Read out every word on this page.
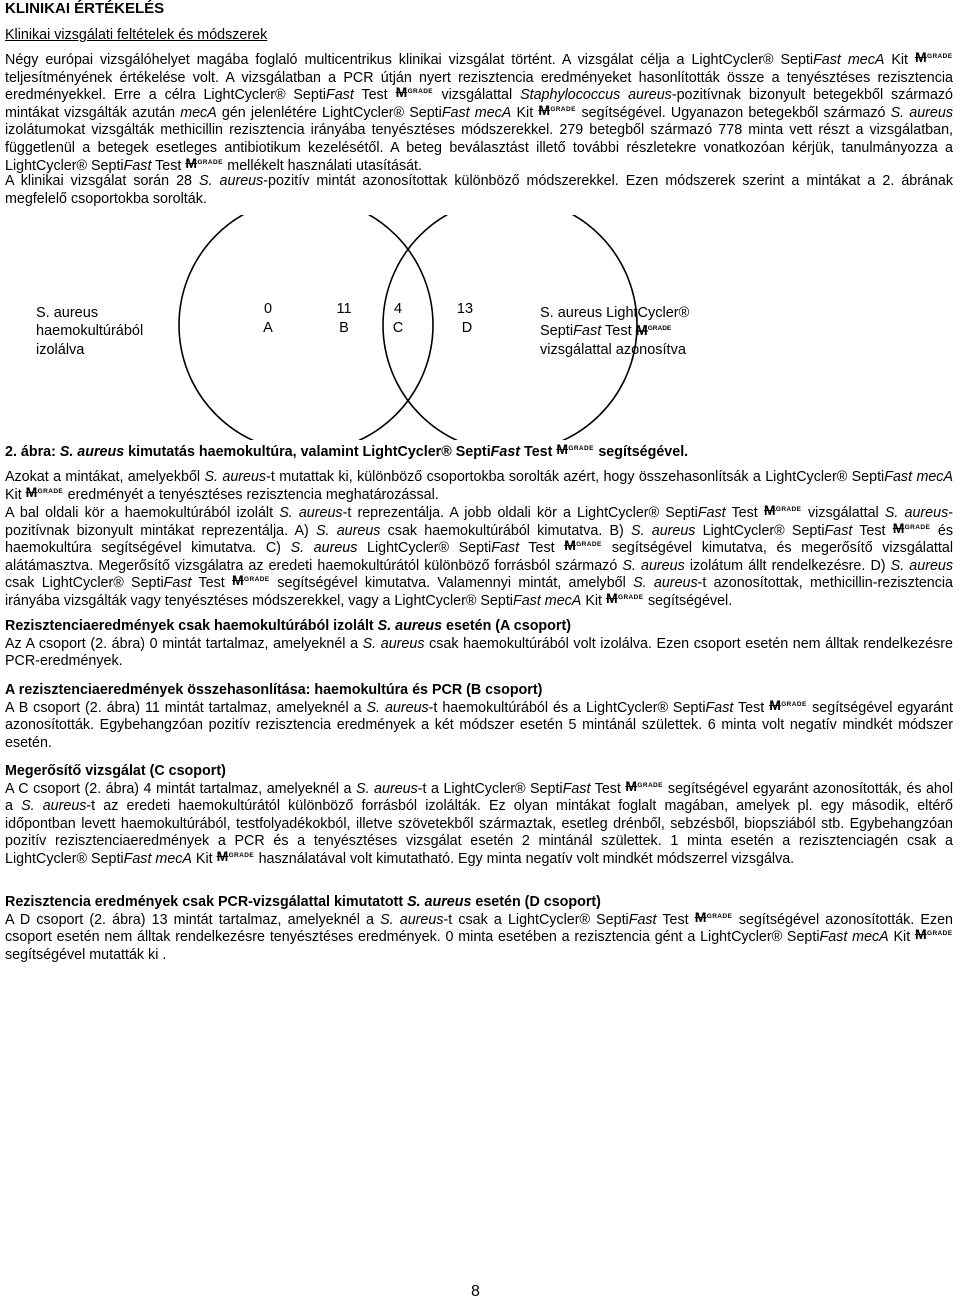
KLINIKAI ÉRTÉKELÉS
Klinikai vizsgálati feltételek és módszerek

Négy európai vizsgálóhelyet magába foglaló multicentrikus klinikai vizsgálat történt. A vizsgálat célja a LightCycler® SeptiFast mecA Kit M GRADE
teljesítményének értékelése volt. A vizsgálatban a PCR útján nyert rezisztencia eredményeket hasonlították össze a tenyésztéses rezisztencia eredményekkel. Erre a célra LightCycler® SeptiFast Test M GRADE vizsgálattal Staphylococcus aureus-pozitívnak bizonyult betegekből származó mintákat vizsgálták azután mecA gén jelenlétére LightCycler® SeptiFast mecA Kit M GRADE segítségével. Ugyanazon betegekből származó S. aureus izolátumokat vizsgálták methicillin rezisztencia irányába tenyésztéses módszerekkel. 279 betegből származó 778 minta vett részt a vizsgálatban, függetlenül a betegek esetleges antibiotikum kezelésétől. A beteg beválasztást illető további részletekre vonatkozóan kérjük, tanulmányozza a LightCycler® SeptiFast Test M GRADE mellékelt használati utasítását.

A klinikai vizsgálat során 28 S. aureus-pozitív mintát azonosítottak különböző módszerekkel. Ezen módszerek szerint a mintákat a 2. ábrának megfelelő csoportokba sorolták.

S. aureus
haemokultúrából
izolálva
0
A
11
B
4
C
13
D
S. aureus LightCycler®
SeptiFast Test $M^{GRADE}$
vizsgálattal azonosítva

2. ábra: S. aureus kimutatás haemokultúra, valamint LightCycler® SeptiFast Test M GRADE segítségével.

Azokat a mintákat, amelyekből S. aureus-t mutattak ki, különböző csoportokba sorolták azért, hogy összehasonlítsák a LightCycler® SeptiFast mecA Kit M GRADE eredményét a tenyésztéses rezisztencia meghatározással.

A bal oldali kör a haemokultúrából izolált S. aureus-t reprezentálja. A jobb oldali kör a LightCycler® SeptiFast Test M GRADE vizsgálattal S. aureus-pozitívnak bizonyult mintákat reprezentálja. A) S. aureus csak haemokultúrából kimutatva. B) S. aureus LightCycler® SeptiFast Test M GRADE és haemokultúra segítségével kimutatva. C) S. aureus LightCycler® SeptiFast Test M GRADE segítségével kimutatva, és megerősítő vizsgálattal alátámasztva. Megerősítő vizsgálatra az eredeti haemokultúrától különböző forrásból származó S. aureus izolátum állt rendelkezésre. D) S. aureus csak LightCycler® SeptiFast Test M GRADE segítségével kimutatva. Valamennyi mintát, amelyből S. aureus-t azonosítottak, methicillin-rezisztencia irányába vizsgálták vagy tenyésztéses módszerekkel, vagy a LightCycler® SeptiFast mecA Kit M GRADE segítségével.

Rezisztenciaeredmények csak haemokultúrából izolált S. aureus esetén (A csoport)

Az A csoport (2. ábra) 0 mintát tartalmaz, amelyeknél a S. aureus csak haemokultúrából volt izolálva. Ezen csoport esetén nem álltak rendelkezésre PCR-eredmények.

A rezisztenciaeredmények összehasonlítása: haemokultúra és PCR (B csoport)

A B csoport (2. ábra) 11 mintát tartalmaz, amelyeknél a S. aureus-t haemokultúrából és a LightCycler® SeptiFast Test M GRADE segítségével egyaránt azonosították. Egybehangzóan pozitív rezisztencia eredmények a két módszer esetén 5 mintánál születtek. 6 minta volt negatív mindkét módszer esetén.

Megerősítő vizsgálat (C csoport)

A C csoport (2. ábra) 4 mintát tartalmaz, amelyeknél a S. aureus-t a LightCycler® SeptiFast Test M GRADE segítségével egyaránt azonosították, és ahol a S. aureus-t az eredeti haemokultúrától különböző forrásból izolálták. Ez olyan mintákat foglalt magában, amelyek pl. egy második, eltérő időpontban levett haemokultúrából, testfolyadékokból, illetve szövetekből származtak, esetleg drénből, sebzésből, biopsziából stb. Egybehangzóan pozitív rezisztenciaeredmények a PCR és a tenyésztéses vizsgálat esetén 2 mintánál születtek. 1 minta esetén a rezisztenciagén csak a LightCycler® SeptiFast mecA Kit M GRADE használatával volt kimutatható. Egy minta negatív volt mindkét módszerrel vizsgálva.

Rezisztencia eredmények csak PCR-vizsgálattal kimutatott S. aureus esetén (D csoport)

A D csoport (2. ábra) 13 mintát tartalmaz, amelyeknél a S. aureus-t csak a LightCycler® SeptiFast Test M GRADE segítségével azonosították. Ezen csoport esetén nem álltak rendelkezésre tenyésztéses eredmények. 0 minta esetében a rezisztencia gént a LightCycler® SeptiFast mecA Kit M GRADE
segítségével mutatták ki .

8
